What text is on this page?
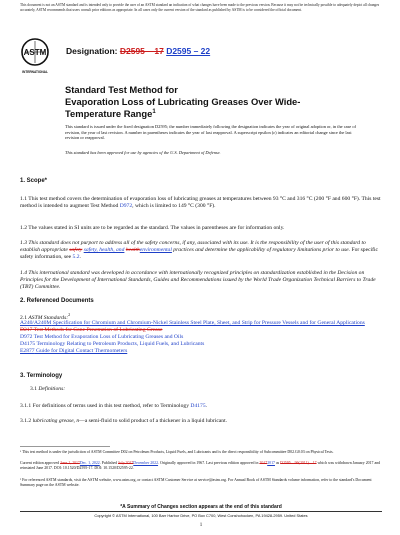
This document is not an ASTM standard and is intended only to provide the user of an ASTM standard an indication of what changes have been made to the previous version. Because it may not be technically possible to adequately depict all changes accurately, ASTM recommends that users consult prior editions as appropriate. In all cases only the current version of the standard as published by ASTM is to be considered the official document.
ASTM
INTERNATIONAL
Designation: D2595 – 17 D2595 – 22
Standard Test Method for
Evaporation Loss of Lubricating Greases Over Wide-
Temperature Range$^1$
This standard is issued under the fixed designation D2595; the number immediately following the designation indicates the year of original adoption or, in the case of revision, the year of last revision. A number in parentheses indicates the year of last reapproval. A superscript epsilon (ε) indicates an editorial change since the last revision or reapproval.
This standard has been approved for use by agencies of the U.S. Department of Defense.
1. Scope*
1.1 This test method covers the determination of evaporation loss of lubricating greases at temperatures between 93 °C and 316 °C (200 °F and 600 °F). This test method is intended to augment Test Method D972, which is limited to 149 °C (300 °F).
1.2 The values stated in SI units are to be regarded as the standard. The values in parentheses are for information only.
1.3 This standard does not purport to address all of the safety concerns, if any, associated with its use. It is the responsibility of the user of this standard to establish appropriate safety safety, health, and healthenvironmental practices and determine the applicability of regulatory limitations prior to use. For specific safety information, see 5.2.
1.4 This international standard was developed in accordance with internationally recognized principles on standardization established in the Decision on Principles for the Development of International Standards, Guides and Recommendations issued by the World Trade Organization Technical Barriers to Trade (TBT) Committee.
2. Referenced Documents
2.1 ASTM Standards:$^2$
A240/A240M Specification for Chromium and Chromium-Nickel Stainless Steel Plate, Sheet, and Strip for Pressure Vessels and for General Applications
D217 Test Methods for Cone Penetration of Lubricating Grease
D972 Test Method for Evaporation Loss of Lubricating Greases and Oils
D4175 Terminology Relating to Petroleum Products, Liquid Fuels, and Lubricants
E2877 Guide for Digital Contact Thermometers
3. Terminology
3.1 Definitions:
3.1.1 For definitions of terms used in this test method, refer to Terminology D4175.
3.1.2 lubricating grease, n—a semi-fluid to solid product of a thickener in a liquid lubricant.
¹ This test method is under the jurisdiction of ASTM Committee D02 on Petroleum Products, Liquid Fuels, and Lubricants and is the direct responsibility of Subcommittee D02.G0.03 on Physical Tests.
Current edition approved June 1, 2017Dec. 1, 2022. Published July 2017December 2022. Originally approved in 1967. Last previous edition approved in 20172017 as D2595 – 96(2011) – 17 which was withdrawn January 2017 and reinstated June 2017. DOI: 10.1520/D2595-17. DOI: 10.1520/D2595-22.
² For referenced ASTM standards, visit the ASTM website, www.astm.org, or contact ASTM Customer Service at service@astm.org. For Annual Book of ASTM Standards volume information, refer to the standard's Document Summary page on the ASTM website.
*A Summary of Changes section appears at the end of this standard
Copyright © ASTM International, 100 Barr Harbor Drive, PO Box C700, West Conshohocken, PA 19428-2959. United States
1
